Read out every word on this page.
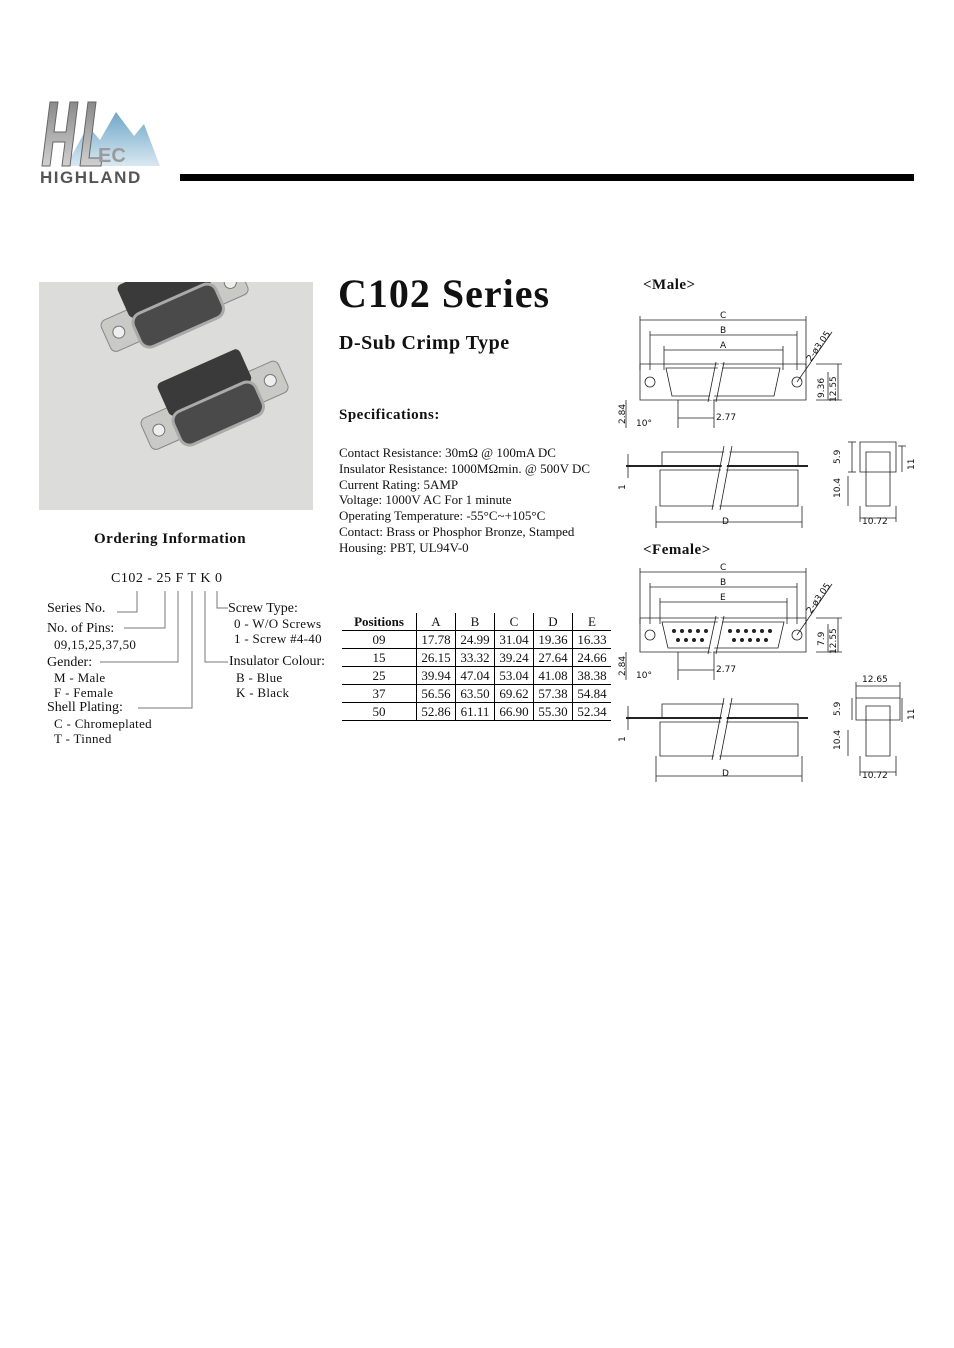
EC
HIGHLAND
C102 Series
D-Sub Crimp Type
Specifications:
Contact Resistance: 30mΩ @ 100mA DC
Insulator Resistance: 1000MΩmin. @ 500V DC
Current Rating: 5AMP
Voltage: 1000V AC For 1 minute
Operating Temperature: -55°C~+105°C
Contact: Brass or Phosphor Bronze, Stamped
Housing: PBT, UL94V-0
Ordering Information
C102 - 25 F T K 0
Series No.
No. of Pins:
09,15,25,37,50
Gender:
M - Male
F - Female
Shell Plating:
C - Chromeplated
T - Tinned
Screw Type:
0 - W/O Screws
1 - Screw #4-40
Insulator Colour:
B - Blue
K - Black
Positions	A	B	C	D	E
09	17.78	24.99	31.04	19.36	16.33
15	26.15	33.32	39.24	27.64	24.66
25	39.94	47.04	53.04	41.08	38.38
37	56.56	63.50	69.62	57.38	54.84
50	52.86	61.11	66.90	55.30	52.34
<Male>
C
B
A	2-ø3.05
9.36 12.55
2.84	2.77
10°
1
D
10.4
5.9
11
10.72
<Female>
C
B
E	2-ø3.05
7.9 12.55
2.84	2.77
10°
1
D
10.4
5.9	11
10.72
12.65
